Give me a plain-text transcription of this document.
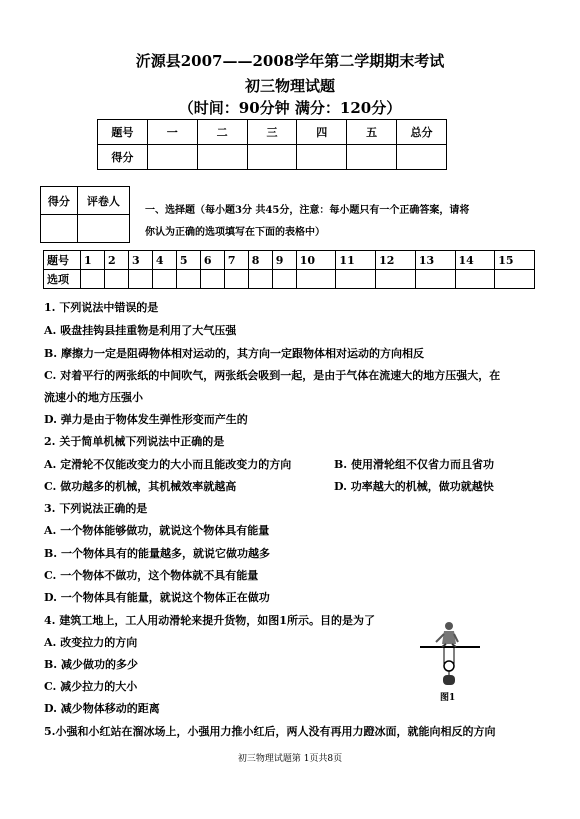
沂源县2007——2008学年第二学期期末考试
初三物理试题
（时间：90分钟 满分：120分）
题号	一	二	三	四	五	总分
得分						
得分	评卷人

一、选择题（每小题3分 共45分，注意：每小题只有一个正确答案，请将
你认为正确的选项填写在下面的表格中）
题号	1	2	3	4	5	6	7	8	9	10	11	12	13	14	15
选项															
1. 下列说法中错误的是
A. 吸盘挂钩县挂重物是利用了大气压强
B. 摩擦力一定是阻碍物体相对运动的，其方向一定跟物体相对运动的方向相反
C. 对着平行的两张纸的中间吹气，两张纸会吸到一起，是由于气体在流速大的地方压强大，在
流速小的地方压强小
D. 弹力是由于物体发生弹性形变而产生的
2. 关于简单机械下列说法中正确的是
A. 定滑轮不仅能改变力的大小而且能改变力的方向	B. 使用滑轮组不仅省力而且省功
C. 做功越多的机械，其机械效率就越高	D. 功率越大的机械，做功就越快
3. 下列说法正确的是
A. 一个物体能够做功，就说这个物体具有能量
B. 一个物体具有的能量越多，就说它做功越多
C. 一个物体不做功，这个物体就不具有能量
D. 一个物体具有能量，就说这个物体正在做功
4. 建筑工地上，工人用动滑轮来提升货物，如图1所示。目的是为了
A. 改变拉力的方向
B. 减少做功的多少
C. 减少拉力的大小
D. 减少物体移动的距离
5.小强和小红站在溜冰场上，小强用力推小红后，两人没有再用力蹬冰面，就能向相反的方向
图1
初三物理试题第 1页共8页
